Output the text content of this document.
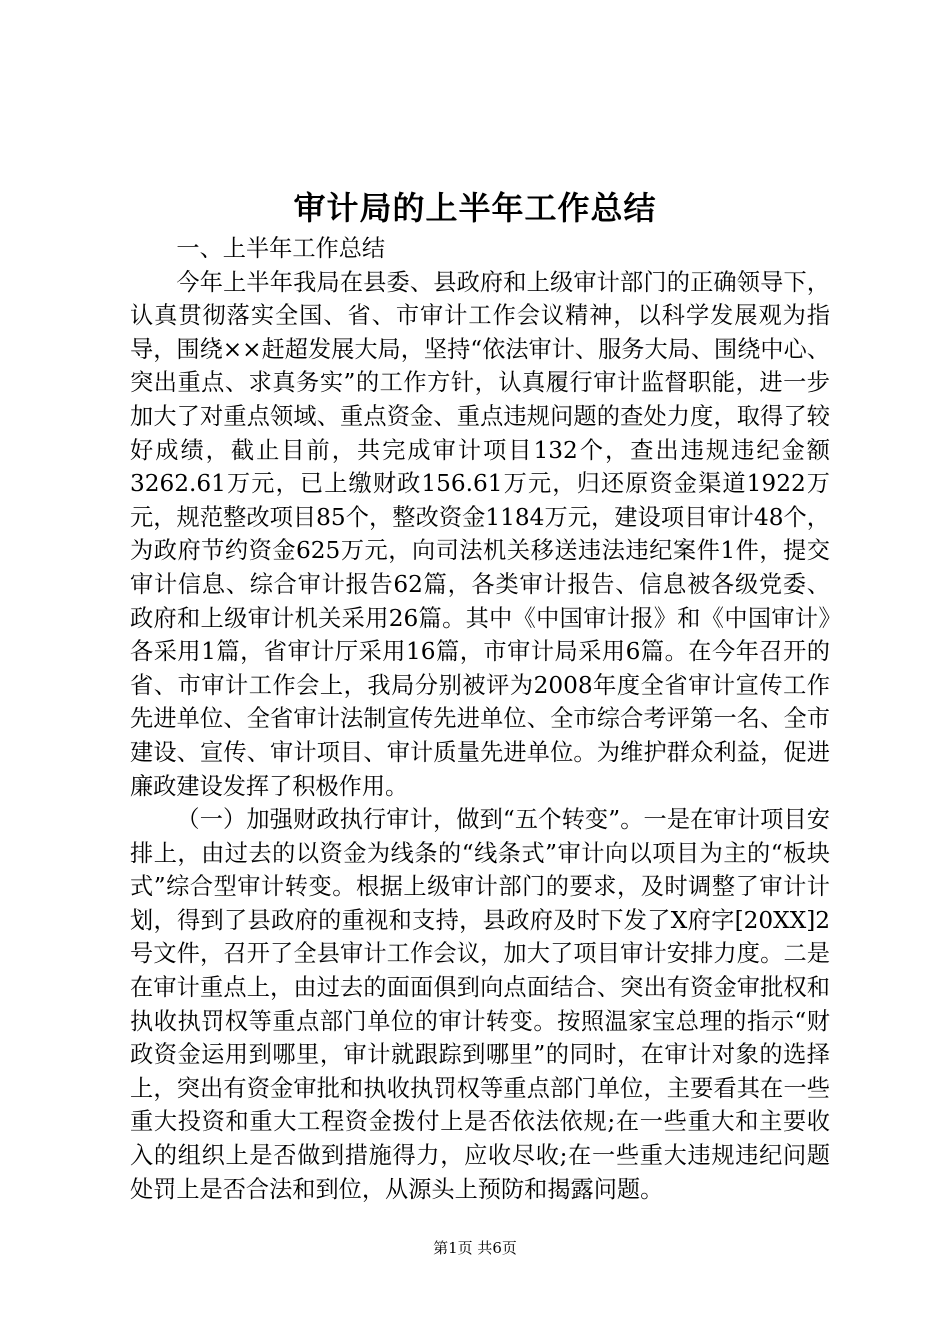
审计局的上半年工作总结

一、上半年工作总结

今年上半年我局在县委、县政府和上级审计部门的正确领导下，认真贯彻落实全国、省、市审计工作会议精神，以科学发展观为指导，围绕××赶超发展大局，坚持“依法审计、服务大局、围绕中心、突出重点、求真务实”的工作方针，认真履行审计监督职能，进一步加大了对重点领域、重点资金、重点违规问题的查处力度，取得了较好成绩，截止目前，共完成审计项目132个，查出违规违纪金额3262.61万元，已上缴财政156.61万元，归还原资金渠道1922万元，规范整改项目85个，整改资金1184万元，建设项目审计48个，为政府节约资金625万元，向司法机关移送违法违纪案件1件，提交审计信息、综合审计报告62篇，各类审计报告、信息被各级党委、政府和上级审计机关采用26篇。其中《中国审计报》和《中国审计》各采用1篇，省审计厅采用16篇，市审计局采用6篇。在今年召开的省、市审计工作会上，我局分别被评为2008年度全省审计宣传工作先进单位、全省审计法制宣传先进单位、全市综合考评第一名、全市建设、宣传、审计项目、审计质量先进单位。为维护群众利益，促进廉政建设发挥了积极作用。

（一）加强财政执行审计，做到“五个转变”。一是在审计项目安排上，由过去的以资金为线条的“线条式”审计向以项目为主的“板块式”综合型审计转变。根据上级审计部门的要求，及时调整了审计计划，得到了县政府的重视和支持，县政府及时下发了X府字[20XX]2号文件，召开了全县审计工作会议，加大了项目审计安排力度。二是在审计重点上，由过去的面面俱到向点面结合、突出有资金审批权和执收执罚权等重点部门单位的审计转变。按照温家宝总理的指示“财政资金运用到哪里，审计就跟踪到哪里”的同时，在审计对象的选择上，突出有资金审批和执收执罚权等重点部门单位，主要看其在一些重大投资和重大工程资金拨付上是否依法依规;在一些重大和主要收入的组织上是否做到措施得力，应收尽收;在一些重大违规违纪问题处罚上是否合法和到位，从源头上预防和揭露问题。

第1页 共6页
